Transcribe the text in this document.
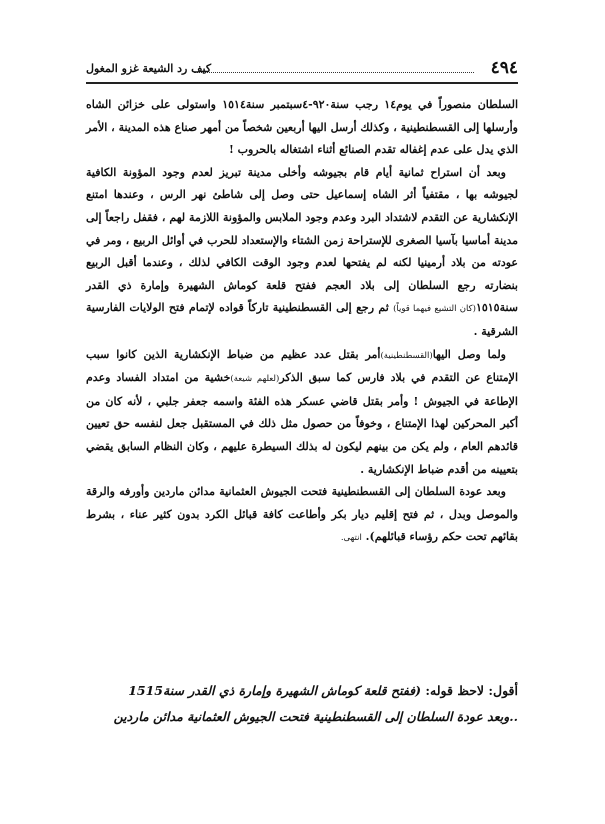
٤٩٤
كيف رد الشيعة غزو المغول

السلطان منصوراً في يوم١٤ رجب سنة٩٢٠-٤سبتمبر سنة١٥١٤ واستولى على خزائن الشاه وأرسلها إلى القسطنطينية ، وكذلك أرسل اليها أربعين شخصاً من أمهر صناع هذه المدينة ، الأمر الذي يدل على عدم إغفاله تقدم الصنائع أثناء اشتغاله بالحروب !

وبعد أن استراح ثمانية أيام قام بجيوشه وأخلى مدينة تبريز لعدم وجود المؤونة الكافية لجيوشه بها ، مقتفياً أثر الشاه إسماعيل حتى وصل إلى شاطئ نهر الرس ، وعندها امتنع الإنكشارية عن التقدم لاشتداد البرد وعدم وجود الملابس والمؤونة اللازمة لهم ، فقفل راجعاً إلى مدينة أماسيا بآسيا الصغرى للإستراحة زمن الشتاء والإستعداد للحرب في أوائل الربيع ، ومر في عودته من بلاد أرمينيا لكنه لم يفتحها لعدم وجود الوقت الكافي لذلك ، وعندما أقبل الربيع بنضارته رجع السلطان إلى بلاد العجم ففتح قلعة كوماش الشهيرة وإمارة ذي القدر سنة١٥١٥(كان التشيع فيهما قوياً) ثم رجع إلى القسطنطينية تاركاً قواده لإتمام فتح الولايات الفارسية الشرقية .

ولما وصل اليها(القسطنطينية)أمر بقتل عدد عظيم من ضباط الإنكشارية الذين كانوا سبب الإمتناع عن التقدم في بلاد فارس كما سبق الذكر(لعلهم شيعة)خشية من امتداد الفساد وعدم الإطاعة في الجيوش ! وأمر بقتل قاضي عسكر هذه الفئة واسمه جعفر جلبي ، لأنه كان من أكبر المحركين لهذا الإمتناع ، وخوفاً من حصول مثل ذلك في المستقبل جعل لنفسه حق تعيين قائدهم العام ، ولم يكن من بينهم ليكون له بذلك السيطرة عليهم ، وكان النظام السابق يقضي بتعيينه من أقدم ضباط الإنكشارية .

وبعد عودة السلطان إلى القسطنطينية فتحت الجيوش العثمانية مدائن ماردين وأورفه والرقة والموصل وبدل ، ثم فتح إقليم ديار بكر وأطاعت كافة قبائل الكرد بدون كثير عناء ، بشرط بقائهم تحت حكم رؤساء قبائلهم). انتهى.

أقول: لاحظ قوله: (ففتح قلعة كوماش الشهيرة وإمارة ذي القدر سنة1515
..وبعد عودة السلطان إلى القسطنطينية فتحت الجيوش العثمانية مدائن ماردين
